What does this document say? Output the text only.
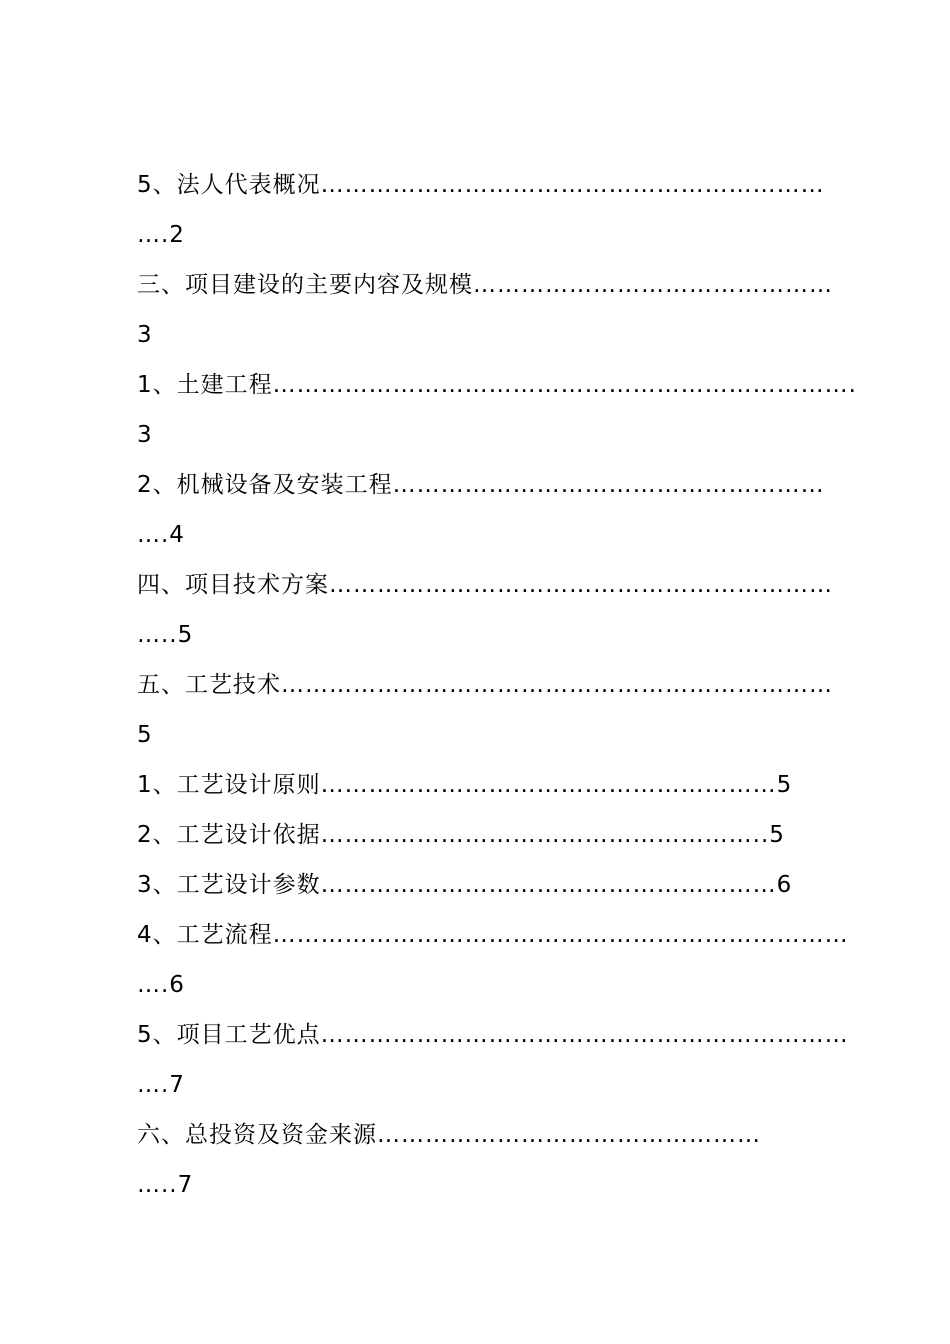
5、法人代表概况………………………………………………………
….2
三、项目建设的主要内容及规模………………………………………
3
1、土建工程……………………………………………………………….
3
2、机械设备及安装工程………………………………………………
….4
四、项目技术方案………………………………………………………
…..5
五、工艺技术……………………………………………………………
5
1、工艺设计原则…………………………………………………5
2、工艺设计依据………………………………………………..5
3、工艺设计参数…………………………………………………6
4、工艺流程………………………………………………………………
….6
5、项目工艺优点…………………………………………………………
….7
六、总投资及资金来源…………………………………………
…..7
